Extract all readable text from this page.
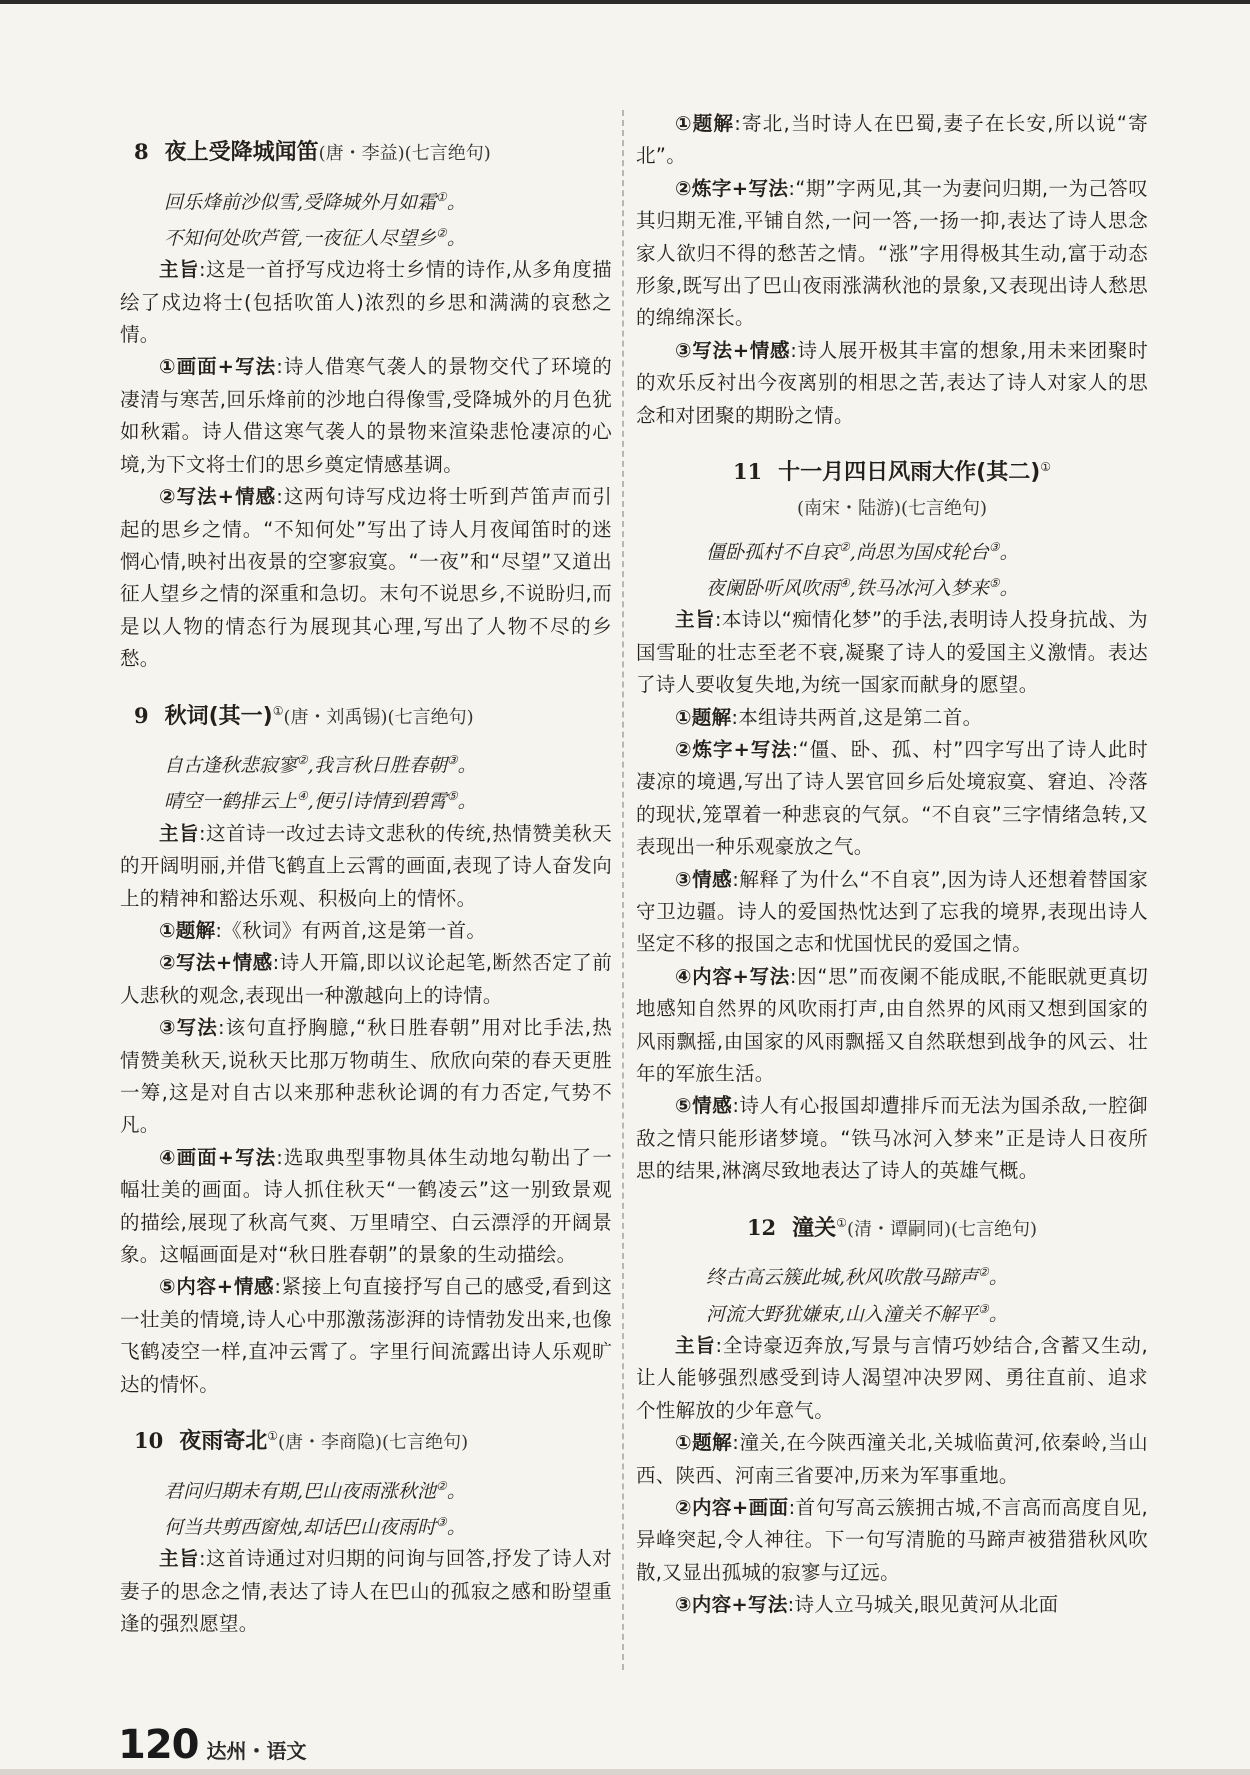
8 夜上受降城闻笛(唐・李益)(七言绝句)
回乐烽前沙似雪,受降城外月如霜①。
不知何处吹芦管,一夜征人尽望乡②。

主旨:这是一首抒写戍边将士乡情的诗作,从多角度描绘了戍边将士(包括吹笛人)浓烈的乡思和满满的哀愁之情。

①画面+写法:诗人借寒气袭人的景物交代了环境的凄清与寒苦,回乐烽前的沙地白得像雪,受降城外的月色犹如秋霜。诗人借这寒气袭人的景物来渲染悲怆凄凉的心境,为下文将士们的思乡奠定情感基调。

②写法+情感:这两句诗写戍边将士听到芦笛声而引起的思乡之情。“不知何处”写出了诗人月夜闻笛时的迷惘心情,映衬出夜景的空寥寂寞。“一夜”和“尽望”又道出征人望乡之情的深重和急切。末句不说思乡,不说盼归,而是以人物的情态行为展现其心理,写出了人物不尽的乡愁。

9 秋词(其一)①(唐・刘禹锡)(七言绝句)
自古逢秋悲寂寥②,我言秋日胜春朝③。
晴空一鹤排云上④,便引诗情到碧霄⑤。

主旨:这首诗一改过去诗文悲秋的传统,热情赞美秋天的开阔明丽,并借飞鹤直上云霄的画面,表现了诗人奋发向上的精神和豁达乐观、积极向上的情怀。

①题解:《秋词》有两首,这是第一首。

②写法+情感:诗人开篇,即以议论起笔,断然否定了前人悲秋的观念,表现出一种激越向上的诗情。

③写法:该句直抒胸臆,“秋日胜春朝”用对比手法,热情赞美秋天,说秋天比那万物萌生、欣欣向荣的春天更胜一筹,这是对自古以来那种悲秋论调的有力否定,气势不凡。

④画面+写法:选取典型事物具体生动地勾勒出了一幅壮美的画面。诗人抓住秋天“一鹤凌云”这一别致景观的描绘,展现了秋高气爽、万里晴空、白云漂浮的开阔景象。这幅画面是对“秋日胜春朝”的景象的生动描绘。

⑤内容+情感:紧接上句直接抒写自己的感受,看到这一壮美的情境,诗人心中那激荡澎湃的诗情勃发出来,也像飞鹤凌空一样,直冲云霄了。字里行间流露出诗人乐观旷达的情怀。

10 夜雨寄北①(唐・李商隐)(七言绝句)
君问归期未有期,巴山夜雨涨秋池②。
何当共剪西窗烛,却话巴山夜雨时③。

主旨:这首诗通过对归期的问询与回答,抒发了诗人对妻子的思念之情,表达了诗人在巴山的孤寂之感和盼望重逢的强烈愿望。

①题解:寄北,当时诗人在巴蜀,妻子在长安,所以说“寄北”。

②炼字+写法:“期”字两见,其一为妻问归期,一为己答叹其归期无准,平铺自然,一问一答,一扬一抑,表达了诗人思念家人欲归不得的愁苦之情。“涨”字用得极其生动,富于动态形象,既写出了巴山夜雨涨满秋池的景象,又表现出诗人愁思的绵绵深长。

③写法+情感:诗人展开极其丰富的想象,用未来团聚时的欢乐反衬出今夜离别的相思之苦,表达了诗人对家人的思念和对团聚的期盼之情。

11 十一月四日风雨大作(其二)①
(南宋・陆游)(七言绝句)
僵卧孤村不自哀②,尚思为国戍轮台③。
夜阑卧听风吹雨④,铁马冰河入梦来⑤。

主旨:本诗以“痴情化梦”的手法,表明诗人投身抗战、为国雪耻的壮志至老不衰,凝聚了诗人的爱国主义激情。表达了诗人要收复失地,为统一国家而献身的愿望。

①题解:本组诗共两首,这是第二首。

②炼字+写法:“僵、卧、孤、村”四字写出了诗人此时凄凉的境遇,写出了诗人罢官回乡后处境寂寞、窘迫、冷落的现状,笼罩着一种悲哀的气氛。“不自哀”三字情绪急转,又表现出一种乐观豪放之气。

③情感:解释了为什么“不自哀”,因为诗人还想着替国家守卫边疆。诗人的爱国热忱达到了忘我的境界,表现出诗人坚定不移的报国之志和忧国忧民的爱国之情。

④内容+写法:因“思”而夜阑不能成眠,不能眠就更真切地感知自然界的风吹雨打声,由自然界的风雨又想到国家的风雨飘摇,由国家的风雨飘摇又自然联想到战争的风云、壮年的军旅生活。

⑤情感:诗人有心报国却遭排斥而无法为国杀敌,一腔御敌之情只能形诸梦境。“铁马冰河入梦来”正是诗人日夜所思的结果,淋漓尽致地表达了诗人的英雄气概。

12 潼关①(清・谭嗣同)(七言绝句)
终古高云簇此城,秋风吹散马蹄声②。
河流大野犹嫌束,山入潼关不解平③。

主旨:全诗豪迈奔放,写景与言情巧妙结合,含蓄又生动,让人能够强烈感受到诗人渴望冲决罗网、勇往直前、追求个性解放的少年意气。

①题解:潼关,在今陕西潼关北,关城临黄河,依秦岭,当山西、陕西、河南三省要冲,历来为军事重地。

②内容+画面:首句写高云簇拥古城,不言高而高度自见,异峰突起,令人神往。下一句写清脆的马蹄声被猎猎秋风吹散,又显出孤城的寂寥与辽远。

③内容+写法:诗人立马城关,眼见黄河从北面

120 达州・语文
